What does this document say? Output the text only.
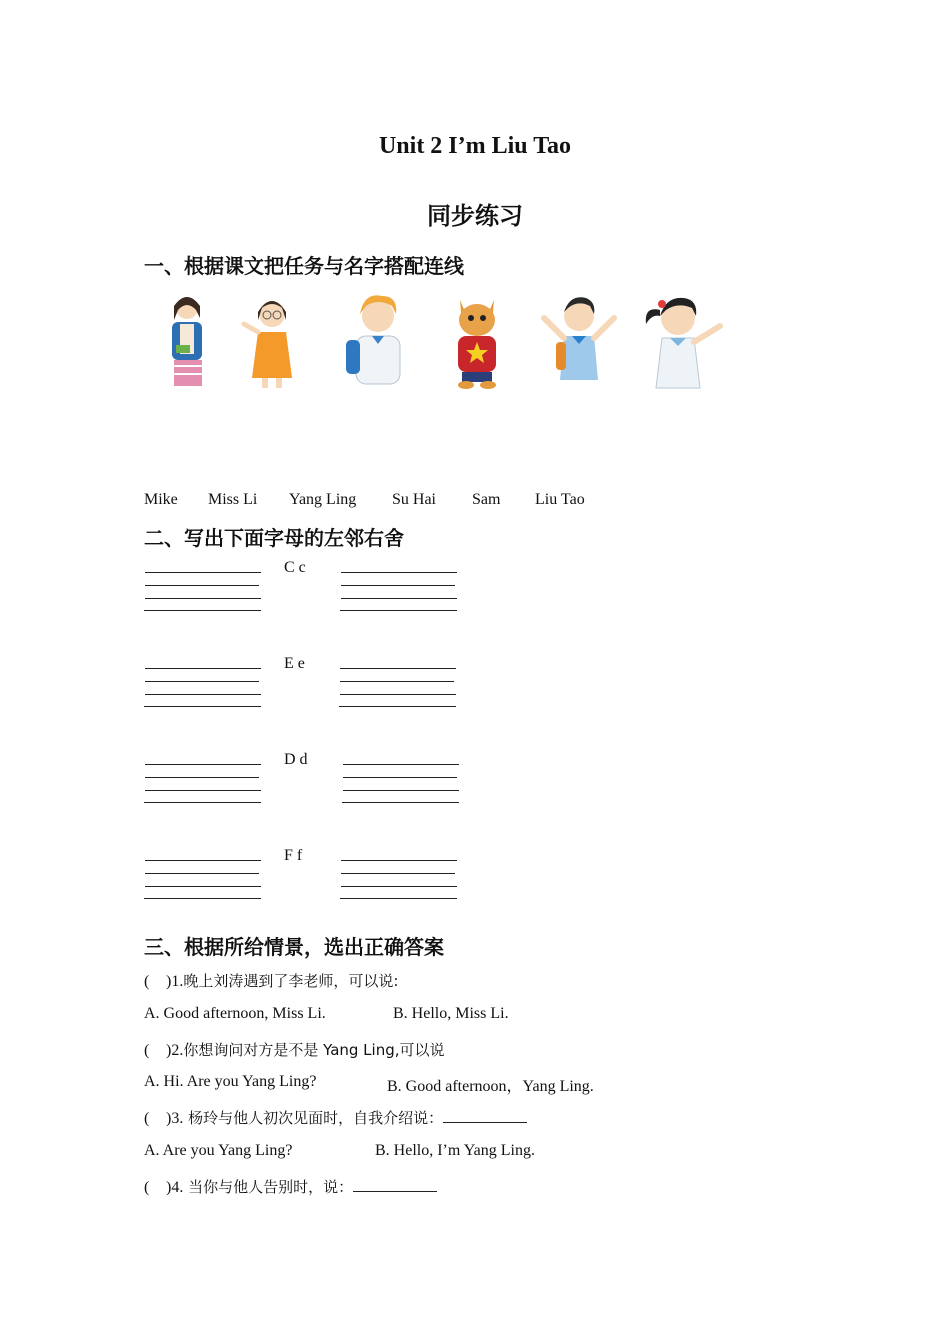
Unit 2 I’m Liu Tao
同步练习
一、根据课文把任务与名字搭配连线
Mike Miss Li Yang Ling Su Hai Sam Liu Tao
二、写出下面字母的左邻右舍
C c
E e
D d
F f
三、根据所给情景，选出正确答案
( )1.晚上刘涛遇到了李老师，可以说:
A. Good afternoon, Miss Li.	B. Hello, Miss Li.
( )2.你想询问对方是不是 Yang Ling,可以说
A. Hi. Are you Yang Ling?	B. Good afternoon，Yang Ling.
( )3. 杨玲与他人初次见面时，自我介绍说：
A. Are you Yang Ling?	B. Hello, I’m Yang Ling.
( )4. 当你与他人告别时，说：
